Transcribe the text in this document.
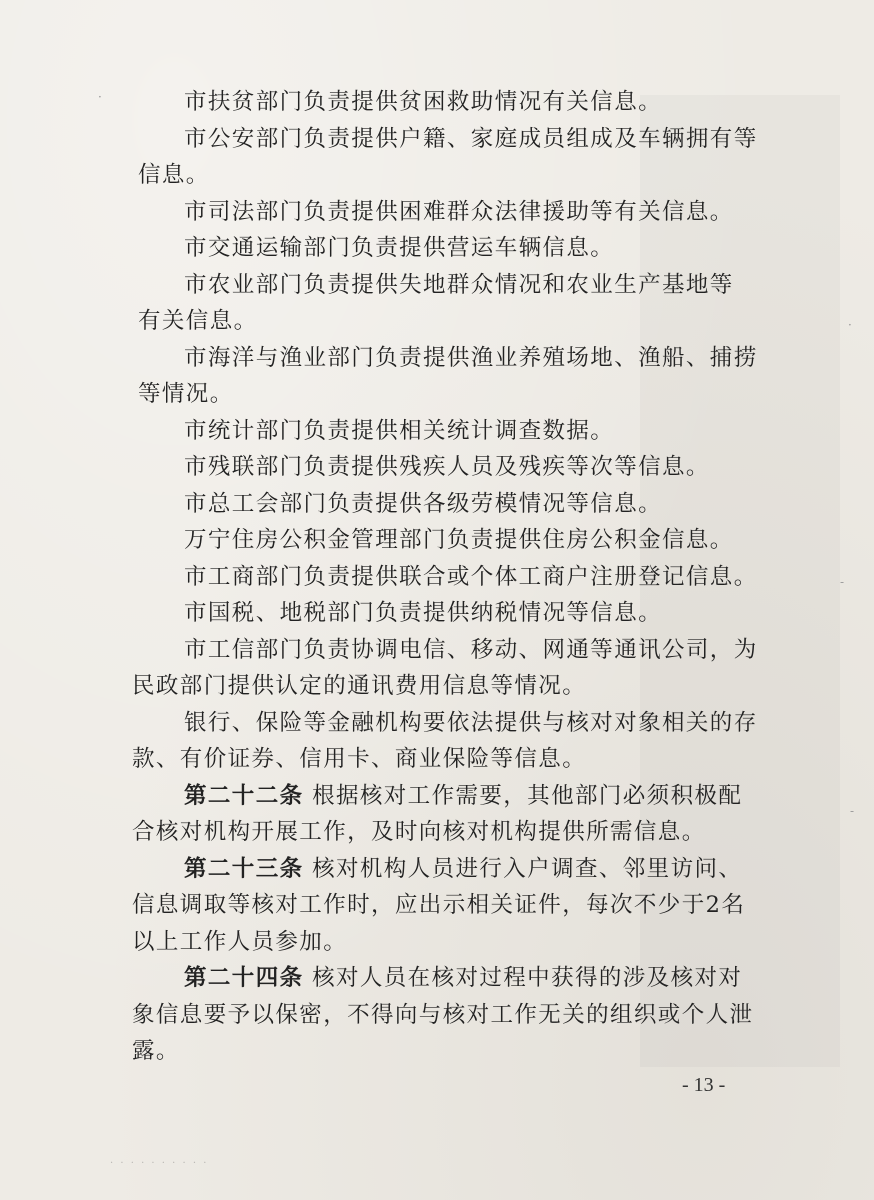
·
·
-
-
市扶贫部门负责提供贫困救助情况有关信息。
市公安部门负责提供户籍、家庭成员组成及车辆拥有等
信息。
市司法部门负责提供困难群众法律援助等有关信息。
市交通运输部门负责提供营运车辆信息。
市农业部门负责提供失地群众情况和农业生产基地等
有关信息。
市海洋与渔业部门负责提供渔业养殖场地、渔船、捕捞
等情况。
市统计部门负责提供相关统计调查数据。
市残联部门负责提供残疾人员及残疾等次等信息。
市总工会部门负责提供各级劳模情况等信息。
万宁住房公积金管理部门负责提供住房公积金信息。
市工商部门负责提供联合或个体工商户注册登记信息。
市国税、地税部门负责提供纳税情况等信息。
市工信部门负责协调电信、移动、网通等通讯公司，为
民政部门提供认定的通讯费用信息等情况。
银行、保险等金融机构要依法提供与核对对象相关的存
款、有价证券、信用卡、商业保险等信息。
第二十二条 根据核对工作需要，其他部门必须积极配
合核对机构开展工作，及时向核对机构提供所需信息。
第二十三条 核对机构人员进行入户调查、邻里访问、
信息调取等核对工作时，应出示相关证件，每次不少于2名
以上工作人员参加。
第二十四条 核对人员在核对过程中获得的涉及核对对
象信息要予以保密，不得向与核对工作无关的组织或个人泄
露。
- 13 -
· · · · · · · · · ·
